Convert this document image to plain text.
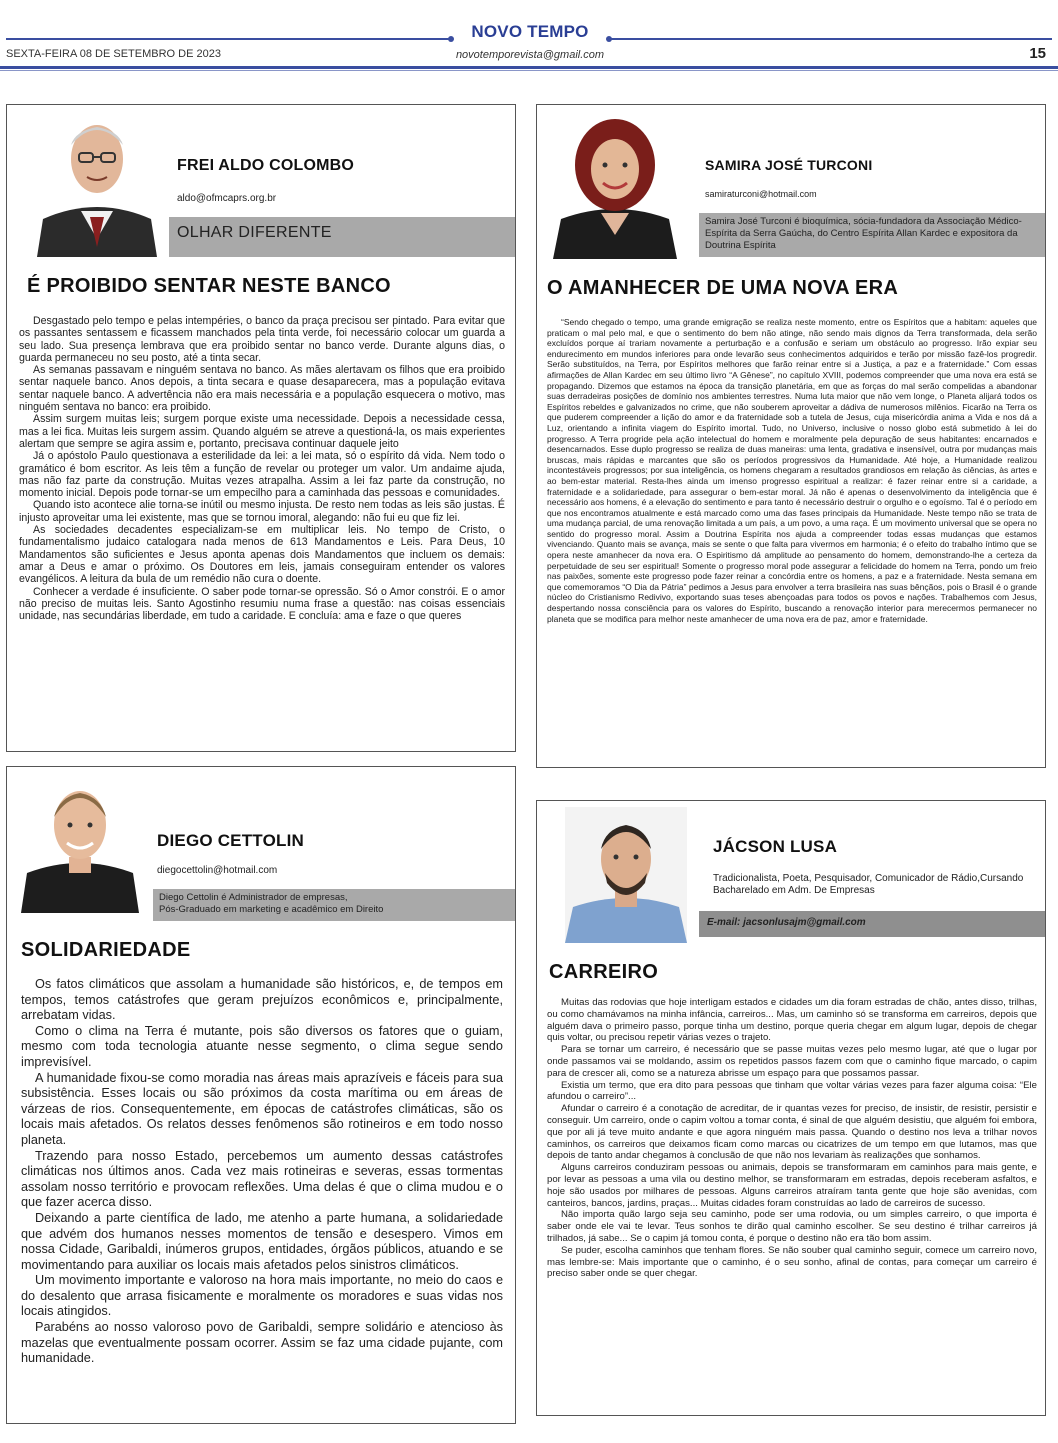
NOVO TEMPO
novotemporevista@gmail.com
SEXTA-FEIRA 08 DE SETEMBRO DE 2023	15
FREI ALDO COLOMBO
aldo@ofmcaprs.org.br
OLHAR DIFERENTE
É PROIBIDO SENTAR NESTE BANCO

Desgastado pelo tempo e pelas intempéries, o banco da praça precisou ser pintado. Para evitar que os passantes sentassem e ficassem manchados pela tinta verde, foi necessário colocar um guarda a seu lado. Sua presença lembrava que era proibido sentar no banco verde. Durante alguns dias, o guarda permaneceu no seu posto, até a tinta secar.

As semanas passavam e ninguém sentava no banco. As mães alertavam os filhos que era proibido sentar naquele banco. Anos depois, a tinta secara e quase desaparecera, mas a população evitava sentar naquele banco. A advertência não era mais necessária e a população esquecera o motivo, mas ninguém sentava no banco: era proibido.

Assim surgem muitas leis; surgem porque existe uma necessidade. Depois a necessidade cessa, mas a lei fica. Muitas leis surgem assim. Quando alguém se atreve a questioná-la, os mais experientes alertam que sempre se agira assim e, portanto, precisava continuar daquele jeito

Já o apóstolo Paulo questionava a esterilidade da lei: a lei mata, só o espírito dá vida. Nem todo o gramático é bom escritor. As leis têm a função de revelar ou proteger um valor. Um andaime ajuda, mas não faz parte da construção. Muitas vezes atrapalha. Assim a lei faz parte da construção, no momento inicial. Depois pode tornar-se um empecilho para a caminhada das pessoas e comunidades.

Quando isto acontece alie torna-se inútil ou mesmo injusta. De resto nem todas as leis são justas. É injusto aproveitar uma lei existente, mas que se tornou imoral, alegando: não fui eu que fiz lei.

As sociedades decadentes especializam-se em multiplicar leis. No tempo de Cristo, o fundamentalismo judaico catalogara nada menos de 613 Mandamentos e Leis. Para Deus, 10 Mandamentos são suficientes e Jesus aponta apenas dois Mandamentos que incluem os demais: amar a Deus e amar o próximo. Os Doutores em leis, jamais conseguiram entender os valores evangélicos. A leitura da bula de um remédio não cura o doente.

Conhecer a verdade é insuficiente. O saber pode tornar-se opressão. Só o Amor constrói. E o amor não preciso de muitas leis. Santo Agostinho resumiu numa frase a questão: nas coisas essenciais unidade, nas secundárias liberdade, em tudo a caridade. E concluía: ama e faze o que queres

SAMIRA JOSÉ TURCONI
samiraturconi@hotmail.com
Samira José Turconi é bioquímica, sócia-fundadora da Associação Médico-Espírita da Serra Gaúcha, do Centro Espírita Allan Kardec e expositora da Doutrina Espírita
O AMANHECER DE UMA NOVA ERA

“Sendo chegado o tempo, uma grande emigração se realiza neste momento, entre os Espíritos que a habitam: aqueles que praticam o mal pelo mal, e que o sentimento do bem não atinge, não sendo mais dignos da Terra transformada, dela serão excluídos porque aí trariam novamente a perturbação e a confusão e seriam um obstáculo ao progresso. Irão expiar seu endurecimento em mundos inferiores para onde levarão seus conhecimentos adquiridos e terão por missão fazê-los progredir. Serão substituídos, na Terra, por Espíritos melhores que farão reinar entre si a Justiça, a paz e a fraternidade.” Com essas afirmações de Allan Kardec em seu último livro “A Gênese”, no capítulo XVIII, podemos compreender que uma nova era está se propagando. Dizemos que estamos na época da transição planetária, em que as forças do mal serão compelidas a abandonar suas derradeiras posições de domínio nos ambientes terrestres. Numa luta maior que não vem longe, o Planeta alijará todos os Espíritos rebeldes e galvanizados no crime, que não souberem aproveitar a dádiva de numerosos milênios. Ficarão na Terra os que puderem compreender a lição do amor e da fraternidade sob a tutela de Jesus, cuja misericórdia anima a Vida e nos dá a Luz, orientando a infinita viagem do Espírito imortal. Tudo, no Universo, inclusive o nosso globo está submetido à lei do progresso. A Terra progride pela ação intelectual do homem e moralmente pela depuração de seus habitantes: encarnados e desencarnados. Esse duplo progresso se realiza de duas maneiras: uma lenta, gradativa e insensível, outra por mudanças mais bruscas, mais rápidas e marcantes que são os períodos progressivos da Humanidade. Até hoje, a Humanidade realizou incontestáveis progressos; por sua inteligência, os homens chegaram a resultados grandiosos em relação às ciências, às artes e ao bem-estar material. Resta-lhes ainda um imenso progresso espiritual a realizar: é fazer reinar entre si a caridade, a fraternidade e a solidariedade, para assegurar o bem-estar moral. Já não é apenas o desenvolvimento da inteligência que é necessário aos homens, é a elevação do sentimento e para tanto é necessário destruir o orgulho e o egoísmo. Tal é o período em que nos encontramos atualmente e está marcado como uma das fases principais da Humanidade. Neste tempo não se trata de uma mudança parcial, de uma renovação limitada a um país, a um povo, a uma raça. É um movimento universal que se opera no sentido do progresso moral. Assim a Doutrina Espírita nos ajuda a compreender todas essas mudanças que estamos vivenciando. Quanto mais se avança, mais se sente o que falta para vivermos em harmonia; é o efeito do trabalho íntimo que se opera neste amanhecer da nova era. O Espiritismo dá amplitude ao pensamento do homem, demonstrando-lhe a certeza da perpetuidade de seu ser espiritual! Somente o progresso moral pode assegurar a felicidade do homem na Terra, pondo um freio nas paixões, somente este progresso pode fazer reinar a concórdia entre os homens, a paz e a fraternidade. Nesta semana em que comemoramos “O Dia da Pátria” pedimos a Jesus para envolver a terra brasileira nas suas bênçãos, pois o Brasil é o grande núcleo do Cristianismo Redivivo, exportando suas teses abençoadas para todos os povos e nações. Trabalhemos com Jesus, despertando nossa consciência para os valores do Espírito, buscando a renovação interior para merecermos permanecer no planeta que se modifica para melhor neste amanhecer de uma nova era de paz, amor e fraternidade.

DIEGO CETTOLIN
diegocettolin@hotmail.com
Diego Cettolin é Administrador de empresas,
Pós-Graduado em marketing e acadêmico em Direito
SOLIDARIEDADE

Os fatos climáticos que assolam a humanidade são históricos, e, de tempos em tempos, temos catástrofes que geram prejuízos econômicos e, principalmente, arrebatam vidas.

Como o clima na Terra é mutante, pois são diversos os fatores que o guiam, mesmo com toda tecnologia atuante nesse segmento, o clima segue sendo imprevisível.

A humanidade fixou-se como moradia nas áreas mais aprazíveis e fáceis para sua subsistência. Esses locais ou são próximos da costa marítima ou em áreas de várzeas de rios. Consequentemente, em épocas de catástrofes climáticas, são os locais mais afetados. Os relatos desses fenômenos são rotineiros e em todo nosso planeta.

Trazendo para nosso Estado, percebemos um aumento dessas catástrofes climáticas nos últimos anos. Cada vez mais rotineiras e severas, essas tormentas assolam nosso território e provocam reflexões. Uma delas é que o clima mudou e o que fazer acerca disso.

Deixando a parte científica de lado, me atenho a parte humana, a solidariedade que advém dos humanos nesses momentos de tensão e desespero. Vimos em nossa Cidade, Garibaldi, inúmeros grupos, entidades, órgãos públicos, atuando e se movimentando para auxiliar os locais mais afetados pelos sinistros climáticos.

Um movimento importante e valoroso na hora mais importante, no meio do caos e do desalento que arrasa fisicamente e moralmente os moradores e suas vidas nos locais atingidos.

Parabéns ao nosso valoroso povo de Garibaldi, sempre solidário e atencioso às mazelas que eventualmente possam ocorrer. Assim se faz uma cidade pujante, com humanidade.

JÁCSON LUSA
Tradicionalista, Poeta, Pesquisador, Comunicador de Rádio,Cursando
Bacharelado em Adm. De Empresas
E-mail: jacsonlusajm@gmail.com
CARREIRO

Muitas das rodovias que hoje interligam estados e cidades um dia foram estradas de chão, antes disso, trilhas, ou como chamávamos na minha infância, carreiros... Mas, um caminho só se transforma em carreiros, depois que alguém dava o primeiro passo, porque tinha um destino, porque queria chegar em algum lugar, depois de chegar quis voltar, ou precisou repetir várias vezes o trajeto.

Para se tornar um carreiro, é necessário que se passe muitas vezes pelo mesmo lugar, até que o lugar por onde passamos vai se moldando, assim os repetidos passos fazem com que o caminho fique marcado, o capim para de crescer ali, como se a natureza abrisse um espaço para que possamos passar.

Existia um termo, que era dito para pessoas que tinham que voltar várias vezes para fazer alguma coisa: “Ele afundou o carreiro”...

Afundar o carreiro é a conotação de acreditar, de ir quantas vezes for preciso, de insistir, de resistir, persistir e conseguir. Um carreiro, onde o capim voltou a tomar conta, é sinal de que alguém desistiu, que alguém foi embora, que por ali já teve muito andante e que agora ninguém mais passa. Quando o destino nos leva a trilhar novos caminhos, os carreiros que deixamos ficam como marcas ou cicatrizes de um tempo em que lutamos, mas que depois de tanto andar chegamos à conclusão de que não nos levariam às realizações que sonhamos.

Alguns carreiros conduziram pessoas ou animais, depois se transformaram em caminhos para mais gente, e por levar as pessoas a uma vila ou destino melhor, se transformaram em estradas, depois receberam asfaltos, e hoje são usados por milhares de pessoas. Alguns carreiros atraíram tanta gente que hoje são avenidas, com canteiros, bancos, jardins, praças... Muitas cidades foram construídas ao lado de carreiros de sucesso.

Não importa quão largo seja seu caminho, pode ser uma rodovia, ou um simples carreiro, o que importa é saber onde ele vai te levar. Teus sonhos te dirão qual caminho escolher. Se seu destino é trilhar carreiros já trilhados, já sabe... Se o capim já tomou conta, é porque o destino não era tão bom assim.

Se puder, escolha caminhos que tenham flores. Se não souber qual caminho seguir, comece um carreiro novo, mas lembre-se: Mais importante que o caminho, é o seu sonho, afinal de contas, para começar um carreiro é preciso saber onde se quer chegar.
